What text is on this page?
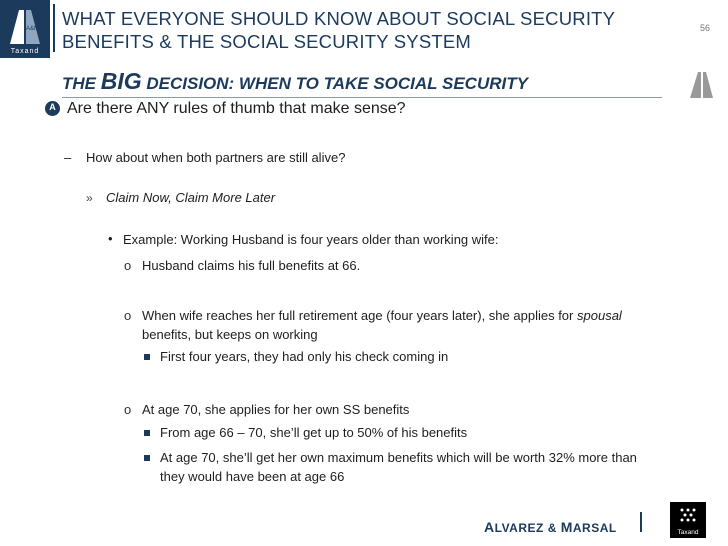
A&M
Taxand
WHAT EVERYONE SHOULD KNOW ABOUT SOCIAL SECURITY
BENEFITS & THE SOCIAL SECURITY SYSTEM
56
THE BIG DECISION: WHEN TO TAKE SOCIAL SECURITY
A Are there ANY rules of thumb that make sense?
– How about when both partners are still alive?
» Claim Now, Claim More Later
• Example: Working Husband is four years older than working wife:
o Husband claims his full benefits at 66.
o When wife reaches her full retirement age (four years later), she applies for spousal
benefits, but keeps on working
First four years, they had only his check coming in
o At age 70, she applies for her own SS benefits
From age 66 – 70, she’ll get up to 50% of his benefits
At age 70, she’ll get her own maximum benefits which will be worth 32% more than
they would have been at age 66
ALVAREZ & MARSAL	Taxand
